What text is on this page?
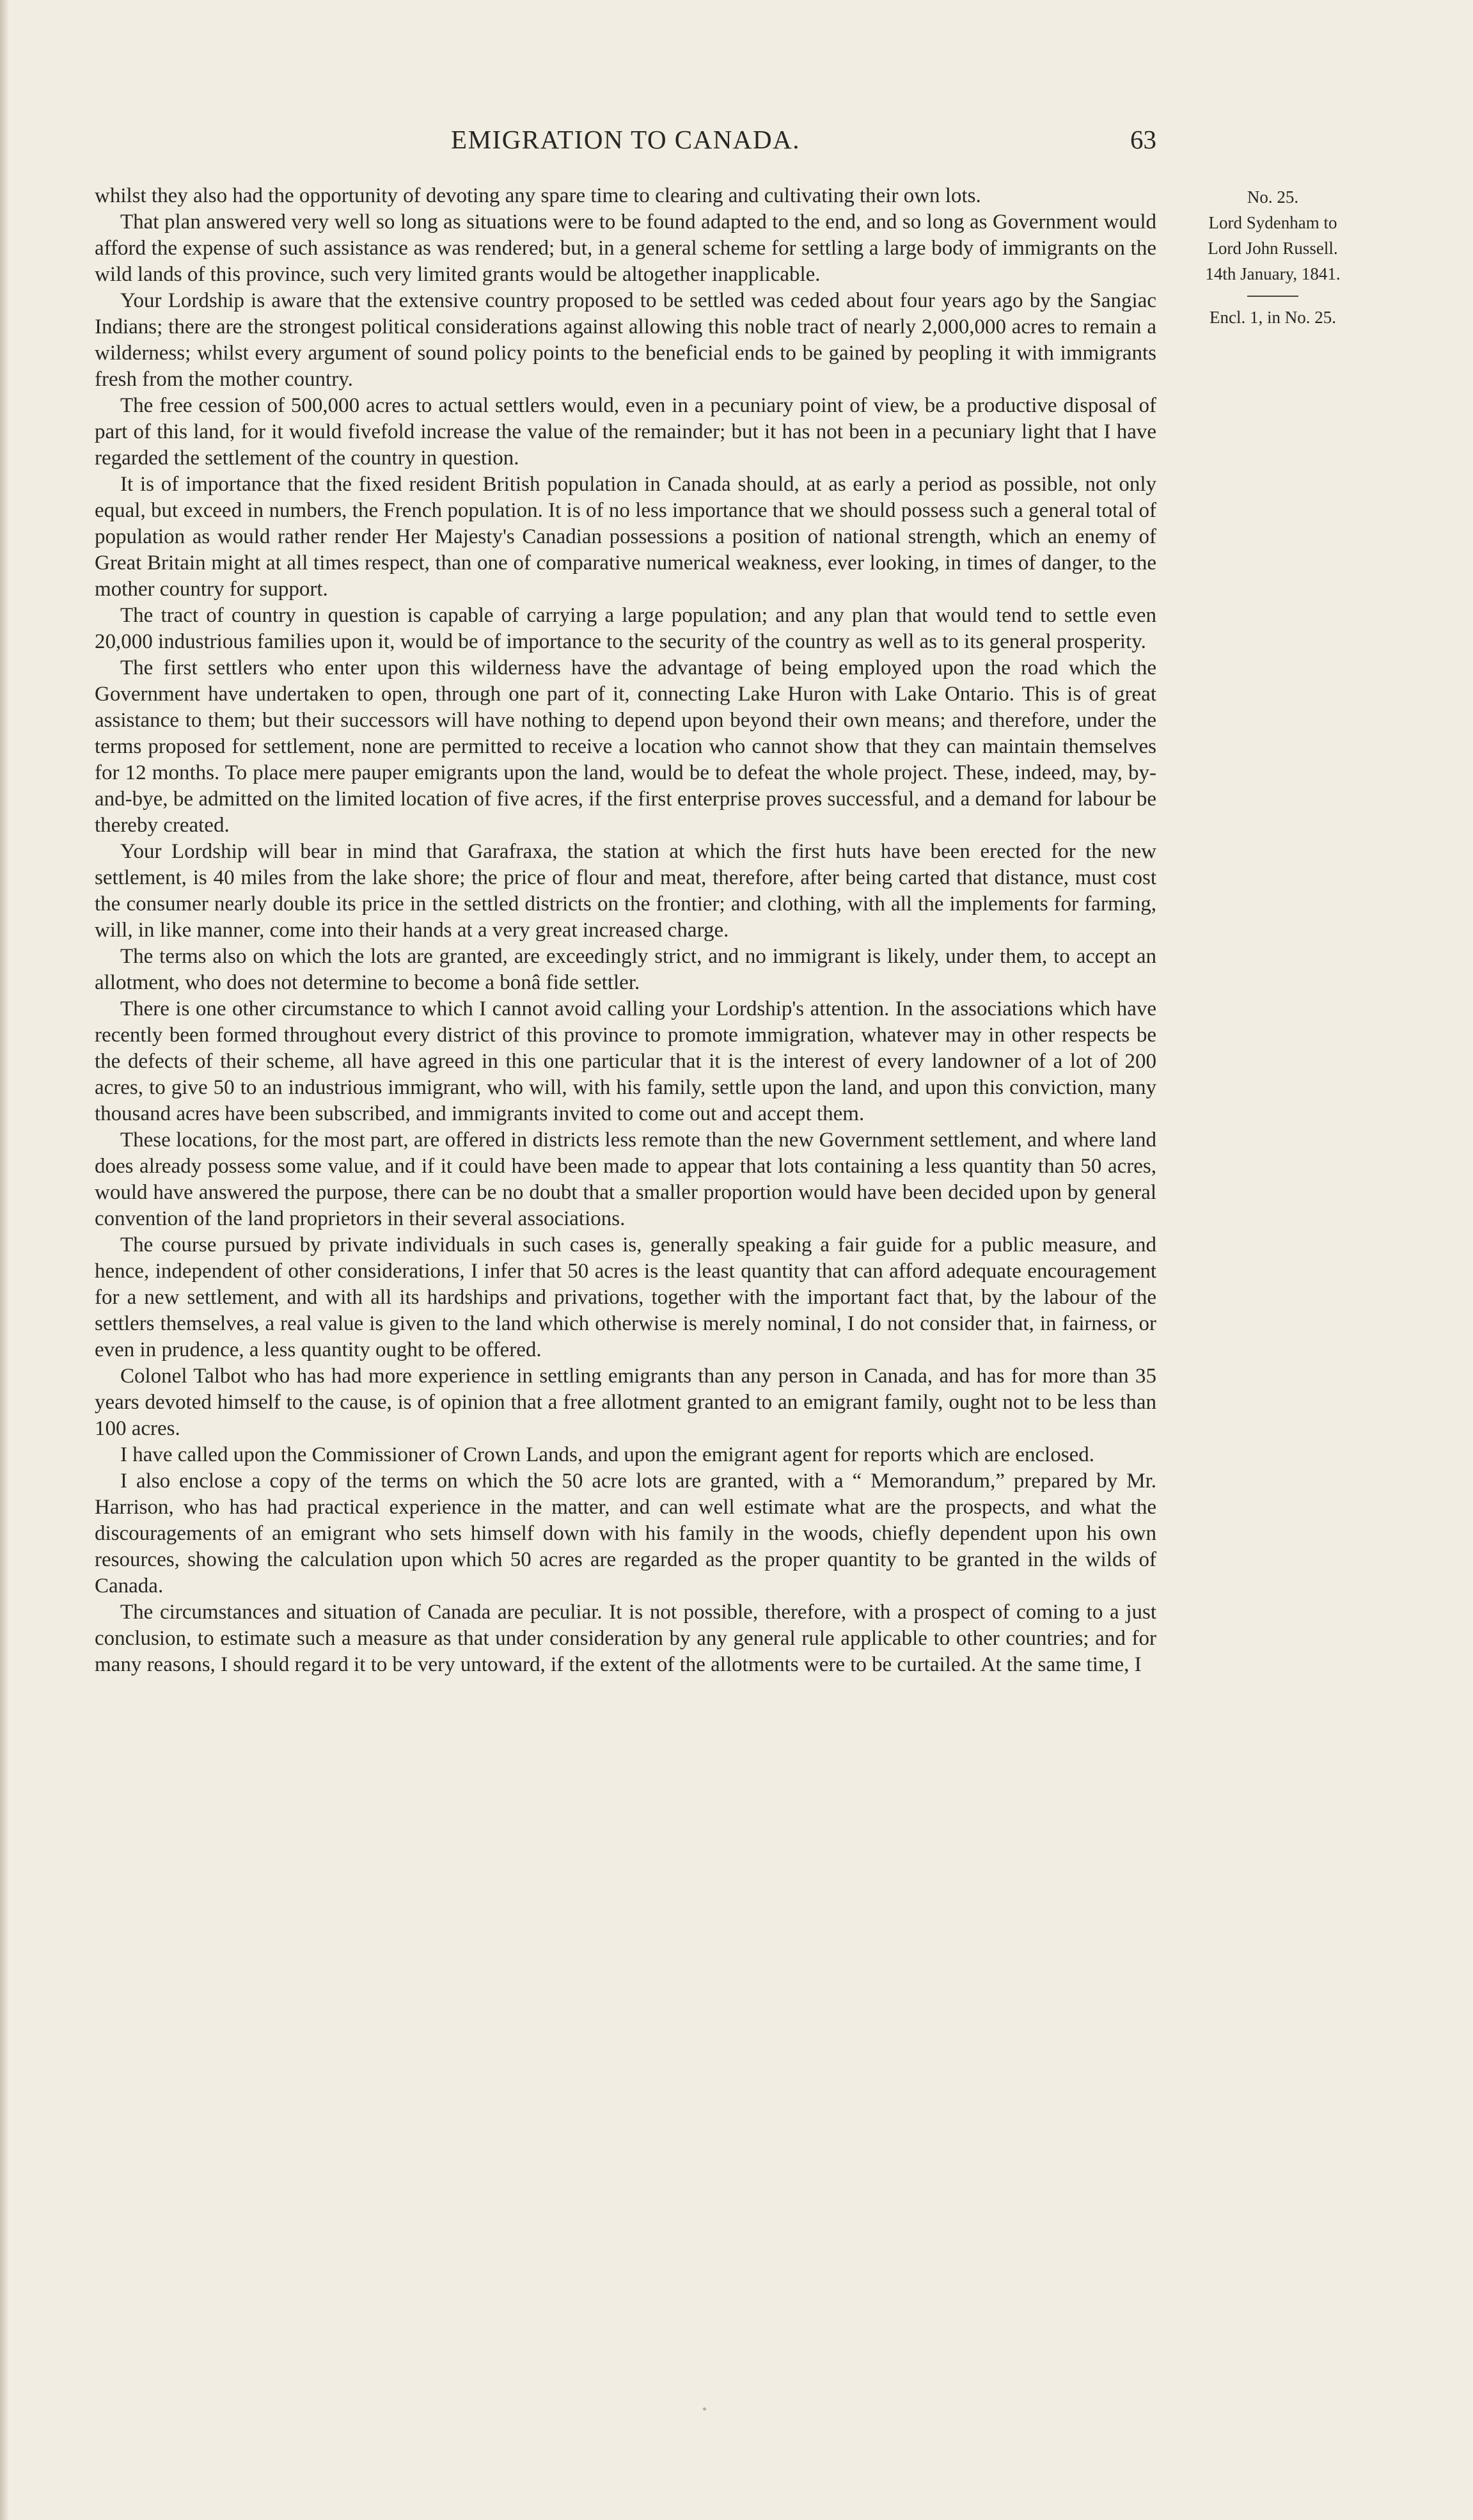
EMIGRATION TO CANADA.	63
No. 25.
Lord Sydenham to
Lord John Russell.
14th January, 1841.
Encl. 1, in No. 25.

whilst they also had the opportunity of devoting any spare time to clearing and cultivating their own lots.

That plan answered very well so long as situations were to be found adapted to the end, and so long as Government would afford the expense of such assistance as was rendered; but, in a general scheme for settling a large body of immigrants on the wild lands of this province, such very limited grants would be altogether inapplicable.

Your Lordship is aware that the extensive country proposed to be settled was ceded about four years ago by the Sangiac Indians; there are the strongest political considerations against allowing this noble tract of nearly 2,000,000 acres to remain a wilderness; whilst every argument of sound policy points to the beneficial ends to be gained by peopling it with immigrants fresh from the mother country.

The free cession of 500,000 acres to actual settlers would, even in a pecuniary point of view, be a productive disposal of part of this land, for it would fivefold increase the value of the remainder; but it has not been in a pecuniary light that I have regarded the settlement of the country in question.

It is of importance that the fixed resident British population in Canada should, at as early a period as possible, not only equal, but exceed in numbers, the French population. It is of no less importance that we should possess such a general total of population as would rather render Her Majesty's Canadian possessions a position of national strength, which an enemy of Great Britain might at all times respect, than one of comparative numerical weakness, ever looking, in times of danger, to the mother country for support.

The tract of country in question is capable of carrying a large population; and any plan that would tend to settle even 20,000 industrious families upon it, would be of importance to the security of the country as well as to its general prosperity.

The first settlers who enter upon this wilderness have the advantage of being employed upon the road which the Government have undertaken to open, through one part of it, connecting Lake Huron with Lake Ontario. This is of great assistance to them; but their successors will have nothing to depend upon beyond their own means; and therefore, under the terms proposed for settlement, none are permitted to receive a location who cannot show that they can maintain themselves for 12 months. To place mere pauper emigrants upon the land, would be to defeat the whole project. These, indeed, may, by-and-bye, be admitted on the limited location of five acres, if the first enterprise proves successful, and a demand for labour be thereby created.

Your Lordship will bear in mind that Garafraxa, the station at which the first huts have been erected for the new settlement, is 40 miles from the lake shore; the price of flour and meat, therefore, after being carted that distance, must cost the consumer nearly double its price in the settled districts on the frontier; and clothing, with all the implements for farming, will, in like manner, come into their hands at a very great increased charge.

The terms also on which the lots are granted, are exceedingly strict, and no immigrant is likely, under them, to accept an allotment, who does not determine to become a bonâ fide settler.

There is one other circumstance to which I cannot avoid calling your Lordship's attention. In the associations which have recently been formed throughout every district of this province to promote immigration, whatever may in other respects be the defects of their scheme, all have agreed in this one particular that it is the interest of every landowner of a lot of 200 acres, to give 50 to an industrious immigrant, who will, with his family, settle upon the land, and upon this conviction, many thousand acres have been subscribed, and immigrants invited to come out and accept them.

These locations, for the most part, are offered in districts less remote than the new Government settlement, and where land does already possess some value, and if it could have been made to appear that lots containing a less quantity than 50 acres, would have answered the purpose, there can be no doubt that a smaller proportion would have been decided upon by general convention of the land proprietors in their several associations.

The course pursued by private individuals in such cases is, generally speaking a fair guide for a public measure, and hence, independent of other considerations, I infer that 50 acres is the least quantity that can afford adequate encouragement for a new settlement, and with all its hardships and privations, together with the important fact that, by the labour of the settlers themselves, a real value is given to the land which otherwise is merely nominal, I do not consider that, in fairness, or even in prudence, a less quantity ought to be offered.

Colonel Talbot who has had more experience in settling emigrants than any person in Canada, and has for more than 35 years devoted himself to the cause, is of opinion that a free allotment granted to an emigrant family, ought not to be less than 100 acres.

I have called upon the Commissioner of Crown Lands, and upon the emigrant agent for reports which are enclosed.

I also enclose a copy of the terms on which the 50 acre lots are granted, with a “ Memorandum,” prepared by Mr. Harrison, who has had practical experience in the matter, and can well estimate what are the prospects, and what the discouragements of an emigrant who sets himself down with his family in the woods, chiefly dependent upon his own resources, showing the calculation upon which 50 acres are regarded as the proper quantity to be granted in the wilds of Canada.

The circumstances and situation of Canada are peculiar. It is not possible, therefore, with a prospect of coming to a just conclusion, to estimate such a measure as that under consideration by any general rule applicable to other countries; and for many reasons, I should regard it to be very untoward, if the extent of the allotments were to be curtailed. At the same time, I
